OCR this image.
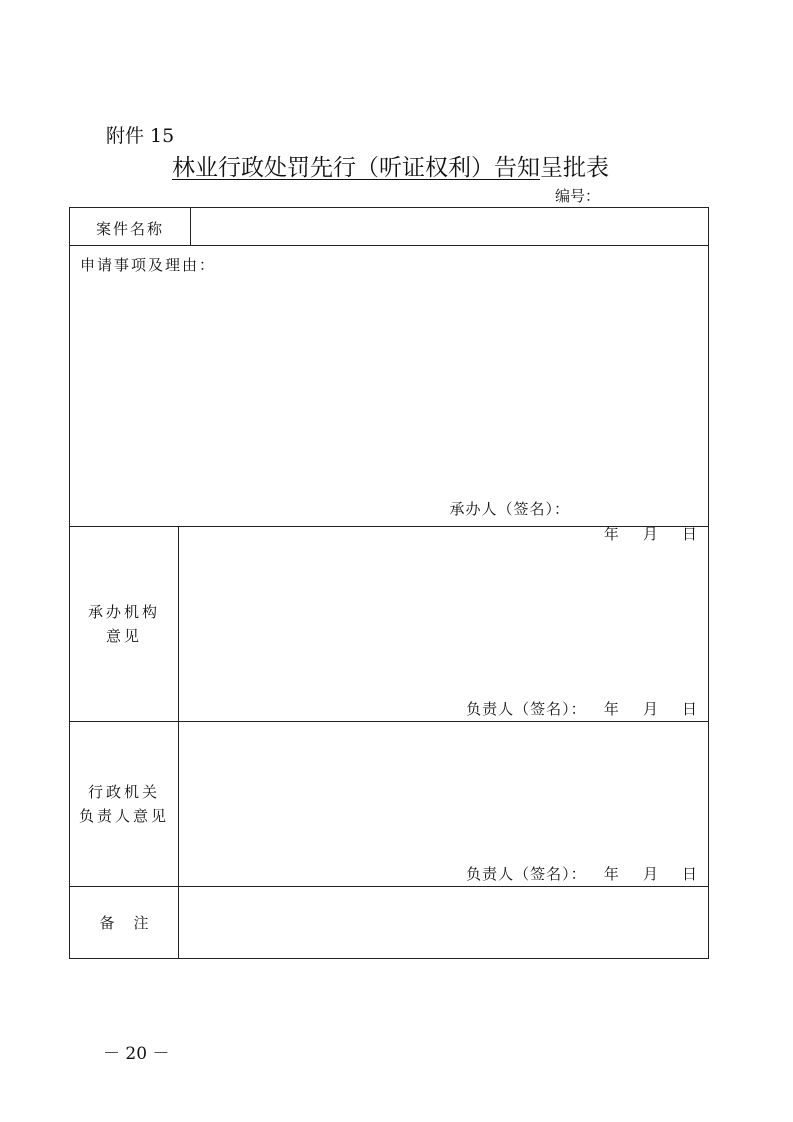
附件 15
林业行政处罚先行（听证权利）告知呈批表
编号：
案件名称		

申请事项及理由：
承办人（签名）：
年    月    日		

承办机构
意见	负责人（签名）：   年    月    日	

行政机关
负责人意见	负责人（签名）：   年    月    日	

备    注		
－ 20 －
